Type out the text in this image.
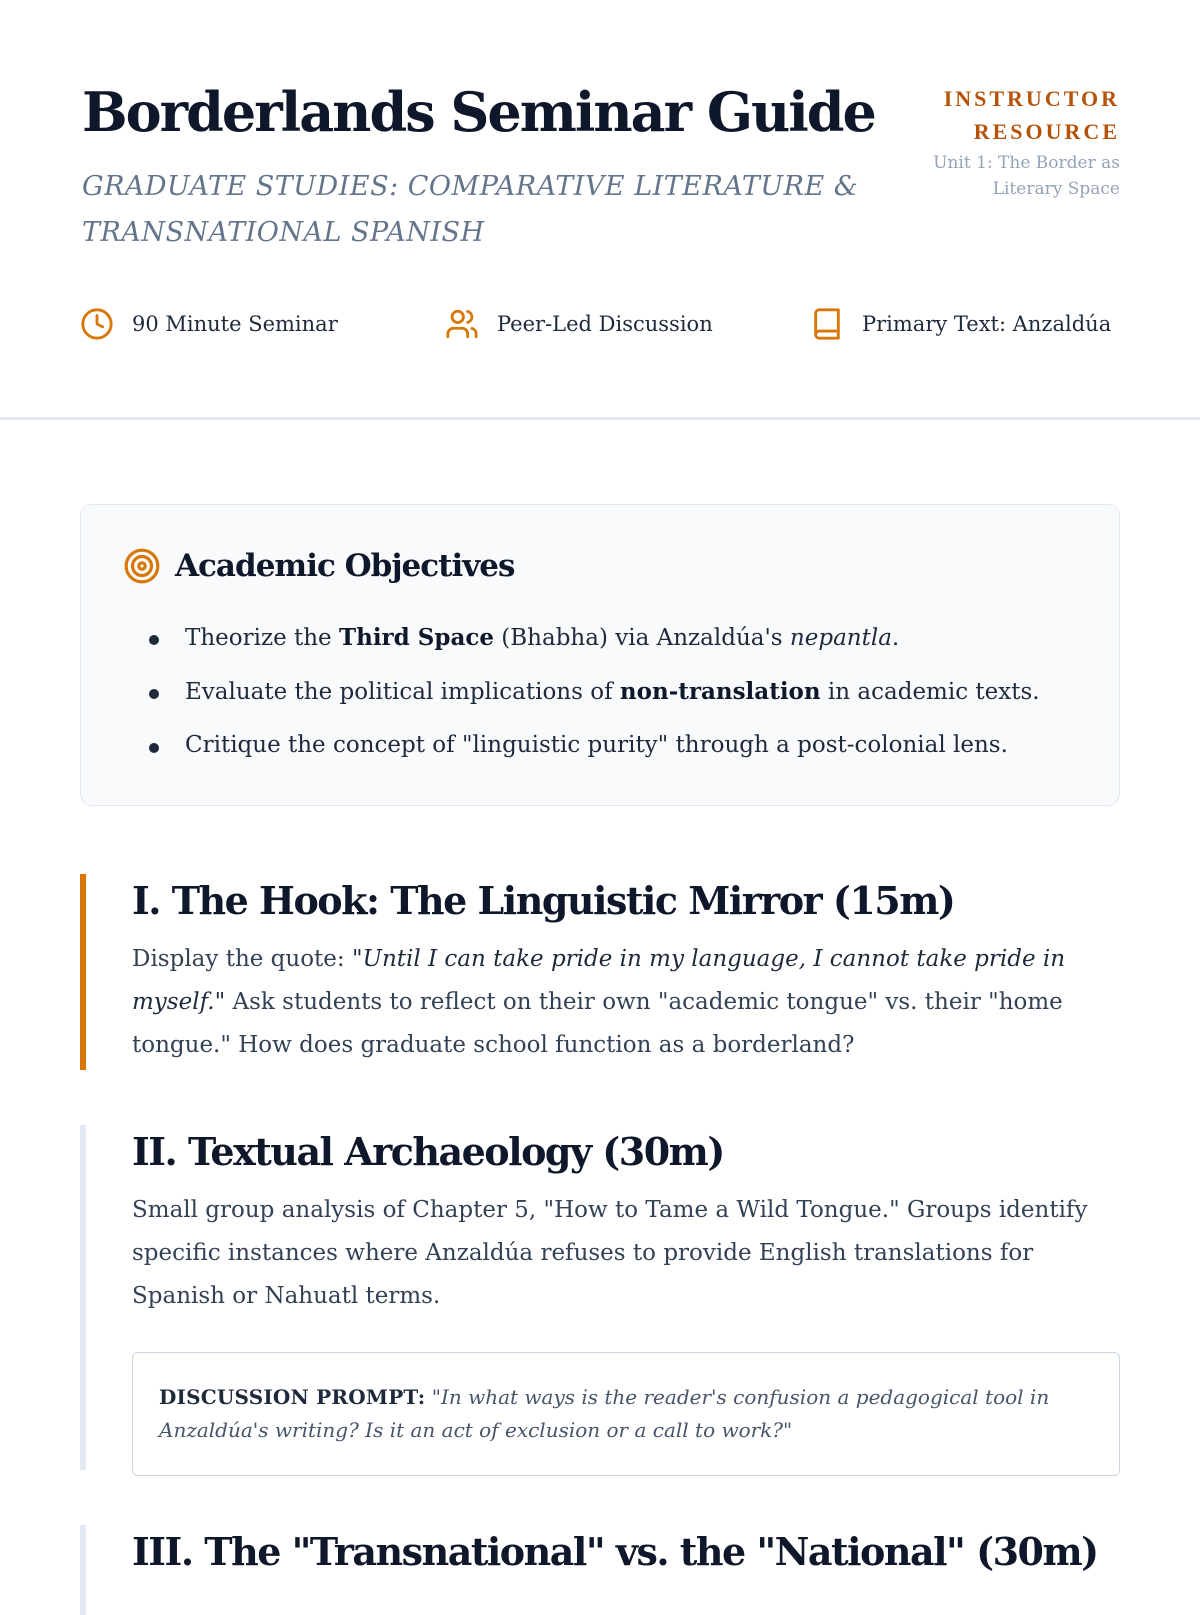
Borderlands Seminar Guide

GRADUATE STUDIES: COMPARATIVE LITERATURE & TRANSNATIONAL SPANISH

INSTRUCTOR RESOURCE
Unit 1: The Border as Literary Space
90 Minute Seminar	Peer-Led Discussion	Primary Text: Anzaldúa
Academic Objectives
Theorize the Third Space (Bhabha) via Anzaldúa's nepantla.
Evaluate the political implications of non-translation in academic texts.
Critique the concept of "linguistic purity" through a post-colonial lens.
I. The Hook: The Linguistic Mirror (15m)

Display the quote: "Until I can take pride in my language, I cannot take pride in myself." Ask students to reflect on their own "academic tongue" vs. their "home tongue." How does graduate school function as a borderland?

II. Textual Archaeology (30m)

Small group analysis of Chapter 5, "How to Tame a Wild Tongue." Groups identify specific instances where Anzaldúa refuses to provide English translations for Spanish or Nahuatl terms.

DISCUSSION PROMPT: "In what ways is the reader's confusion a pedagogical tool in Anzaldúa's writing? Is it an act of exclusion or a call to work?"
III. The "Transnational" vs. the "National" (30m)
